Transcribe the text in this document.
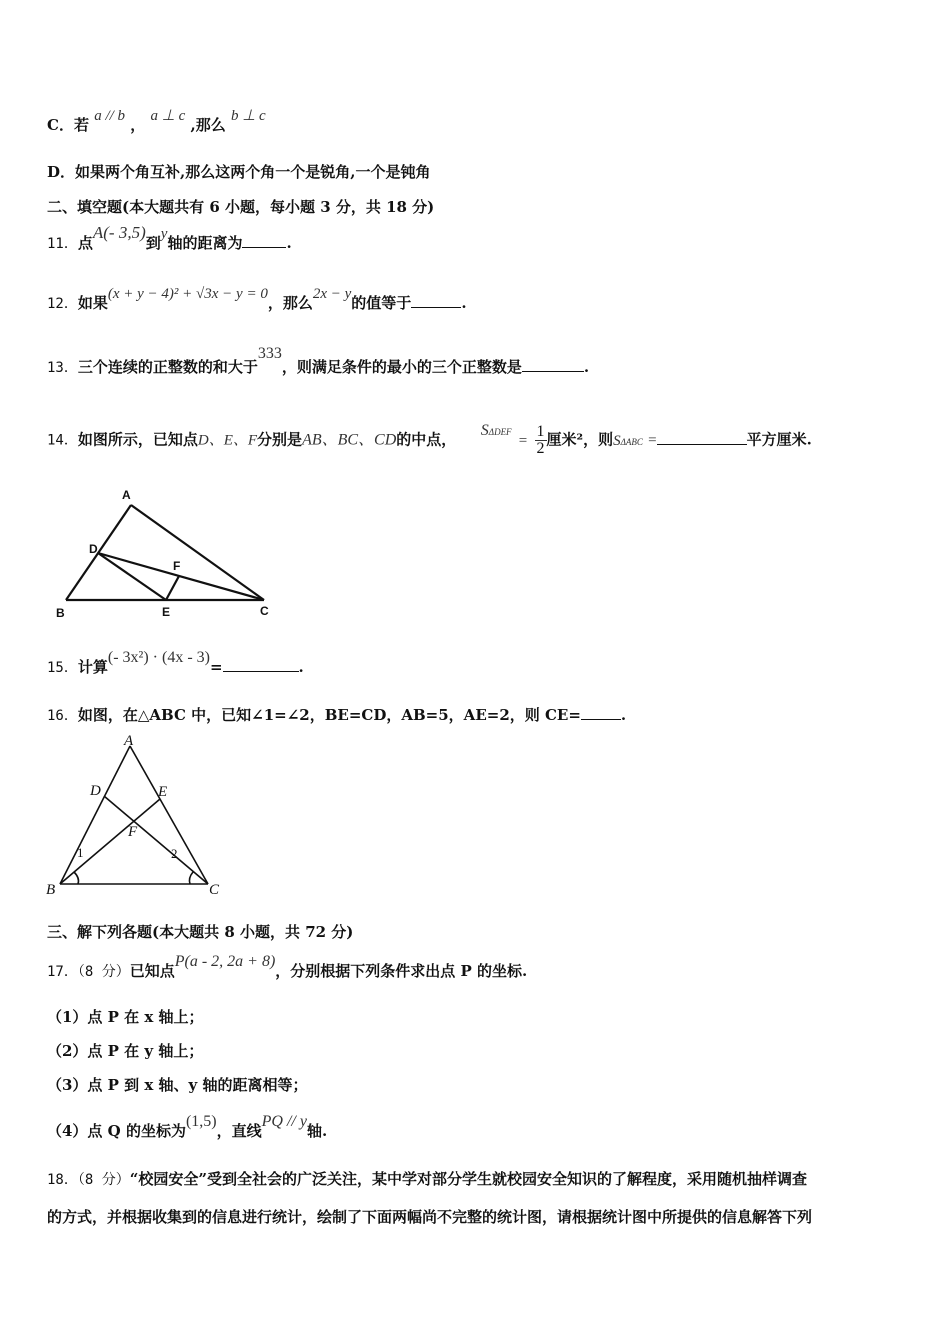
C．若 a // b ， a ⊥ c ,那么 b ⊥ c
D．如果两个角互补,那么这两个角一个是锐角,一个是钝角
二、填空题(本大题共有 6 小题，每小题 3 分，共 18 分)
11．点A(- 3,5)到y轴的距离为	.
12．如果(x + y − 4)² + √3x − y = 0，那么2x − y的值等于	.
13．三个连续的正整数的和大于333，则满足条件的最小的三个正整数是	.
14．如图所示，已知点D、E、F分别是AB、BC、CD的中点，  $S\Delta DEF = \frac{1}{2}$ 厘米²，则SΔABC =	平方厘米.
A
B	C
D
E
F
15．计算(- 3x²) · (4x - 3)=	.
16．如图，在△ABC 中，已知∠1=∠2，BE=CD，AB=5，AE=2，则 CE=	.
A
B	C
D	E
F
1	2
三、解下列各题(本大题共 8 小题，共 72 分)
17．（8 分）已知点P(a - 2, 2a + 8)，分别根据下列条件求出点 P 的坐标.
（1）点 P 在 x 轴上；
（2）点 P 在 y 轴上；
（3）点 P 到 x 轴、y 轴的距离相等；
（4）点 Q 的坐标为(1,5)，直线PQ // y轴.
18．（8 分）“校园安全”受到全社会的广泛关注，某中学对部分学生就校园安全知识的了解程度，采用随机抽样调查
的方式，并根据收集到的信息进行统计，绘制了下面两幅尚不完整的统计图，请根据统计图中所提供的信息解答下列
